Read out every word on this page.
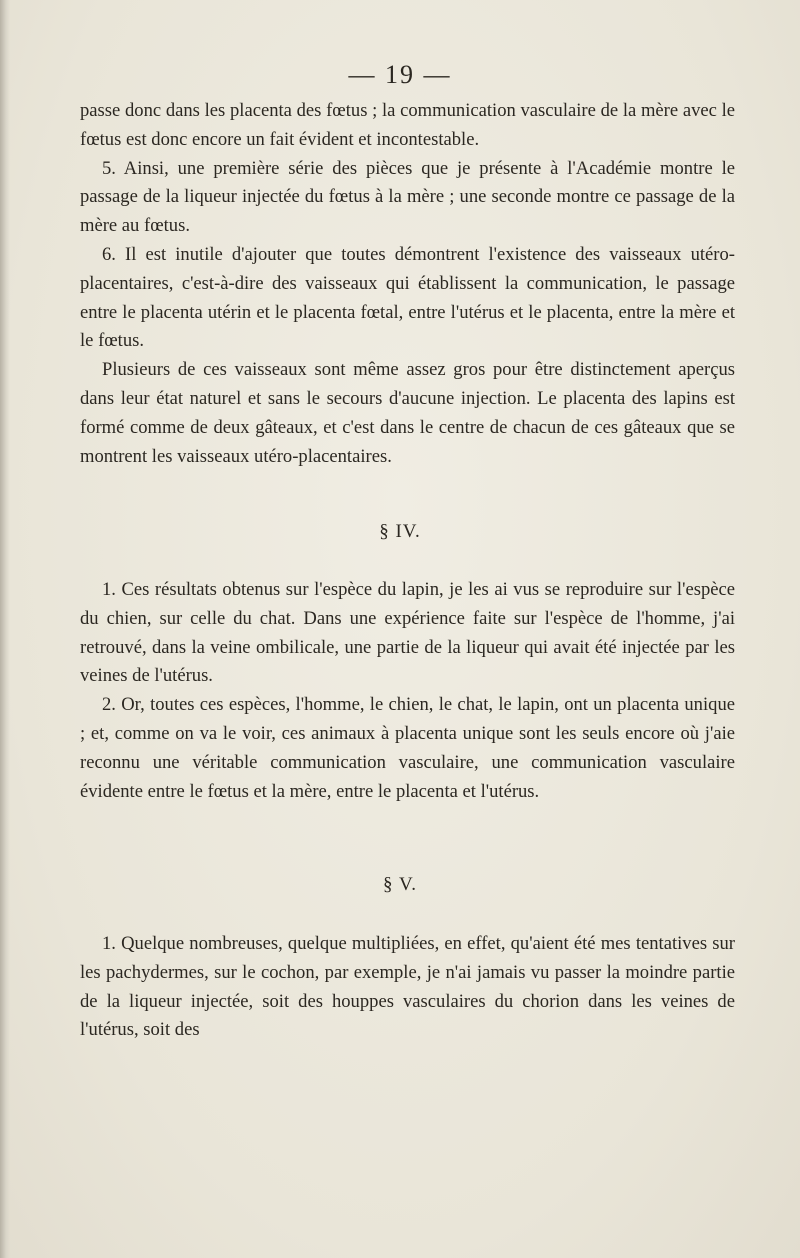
— 19 —

passe donc dans les placenta des fœtus ; la communication vasculaire de la mère avec le fœtus est donc encore un fait évident et incontestable.

5. Ainsi, une première série des pièces que je présente à l'Académie montre le passage de la liqueur injectée du fœtus à la mère ; une seconde montre ce passage de la mère au fœtus.

6. Il est inutile d'ajouter que toutes démontrent l'existence des vaisseaux utéro-placentaires, c'est-à-dire des vaisseaux qui établissent la communication, le passage entre le placenta utérin et le placenta fœtal, entre l'utérus et le placenta, entre la mère et le fœtus.

Plusieurs de ces vaisseaux sont même assez gros pour être distinctement aperçus dans leur état naturel et sans le secours d'aucune injection. Le placenta des lapins est formé comme de deux gâteaux, et c'est dans le centre de chacun de ces gâteaux que se montrent les vaisseaux utéro-placentaires.

§ IV.

1. Ces résultats obtenus sur l'espèce du lapin, je les ai vus se reproduire sur l'espèce du chien, sur celle du chat. Dans une expérience faite sur l'espèce de l'homme, j'ai retrouvé, dans la veine ombilicale, une partie de la liqueur qui avait été injectée par les veines de l'utérus.

2. Or, toutes ces espèces, l'homme, le chien, le chat, le lapin, ont un placenta unique ; et, comme on va le voir, ces animaux à placenta unique sont les seuls encore où j'aie reconnu une véritable communication vasculaire, une communication vasculaire évidente entre le fœtus et la mère, entre le placenta et l'utérus.

§ V.

1. Quelque nombreuses, quelque multipliées, en effet, qu'aient été mes tentatives sur les pachydermes, sur le cochon, par exemple, je n'ai jamais vu passer la moindre partie de la liqueur injectée, soit des houppes vasculaires du chorion dans les veines de l'utérus, soit des
